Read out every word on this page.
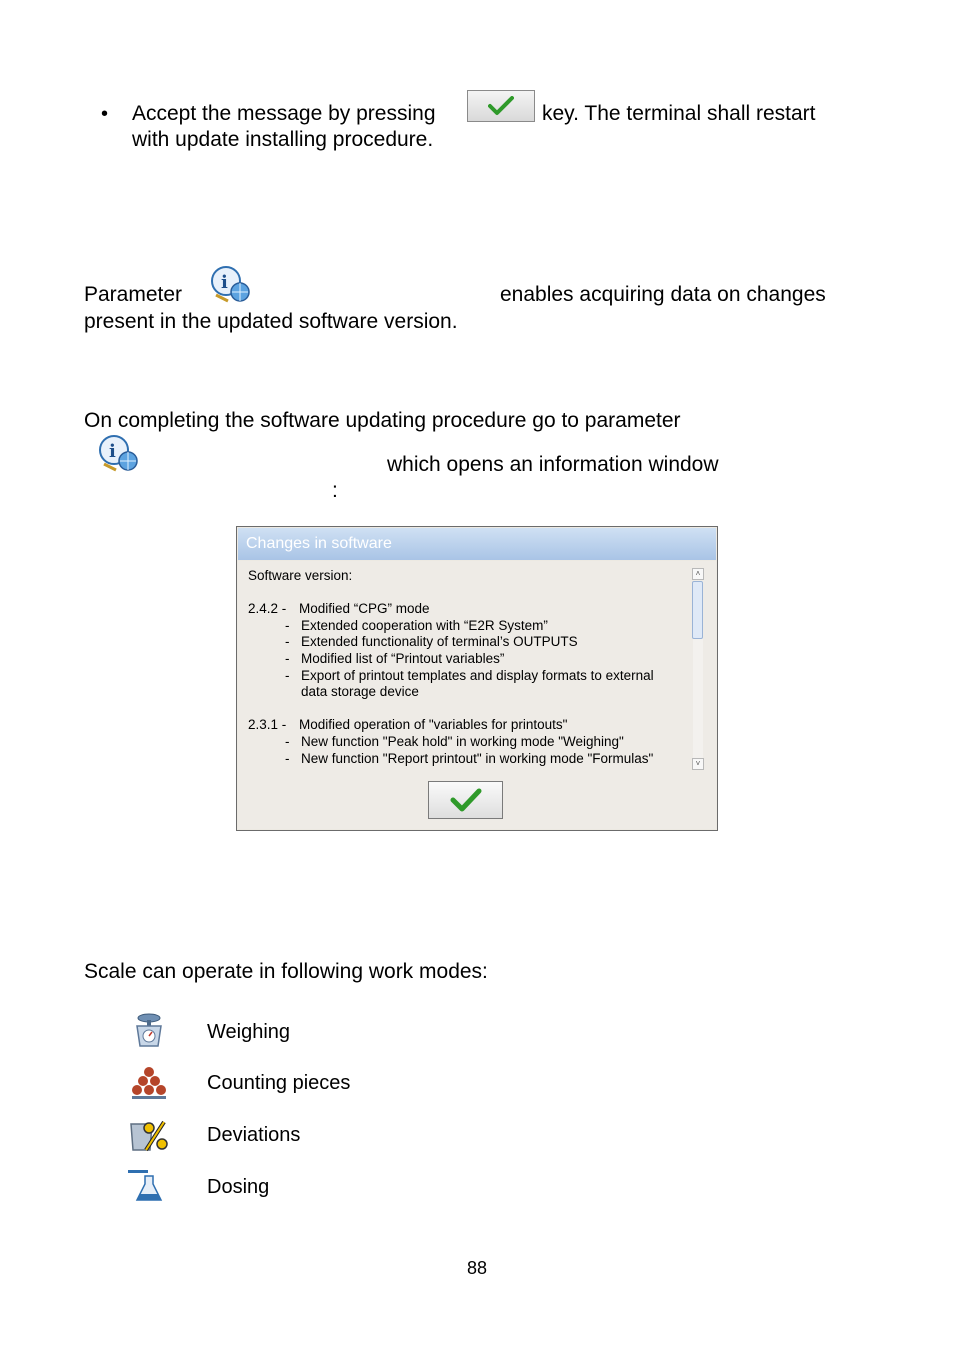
• Accept the message by pressing	key. The terminal shall restart
with update installing procedure.
Parameter
i
enables acquiring data on changes
present in the updated software version.
On completing the software updating procedure go to parameter
i
which opens an information window
:
Changes in software
Software version:
2.4.2 - Modified “CPG” mode
- Extended cooperation with “E2R System”
- Extended functionality of terminal’s OUTPUTS
- Modified list of “Printout variables”
- Export of printout templates and display formats to external
data storage device
2.3.1 - Modified operation of "variables for printouts"
- New function "Peak hold" in working mode "Weighing"
- New function "Report printout" in working mode "Formulas"
˄
˅
Scale can operate in following work modes:
Weighing
Counting pieces
Deviations
Dosing
88
